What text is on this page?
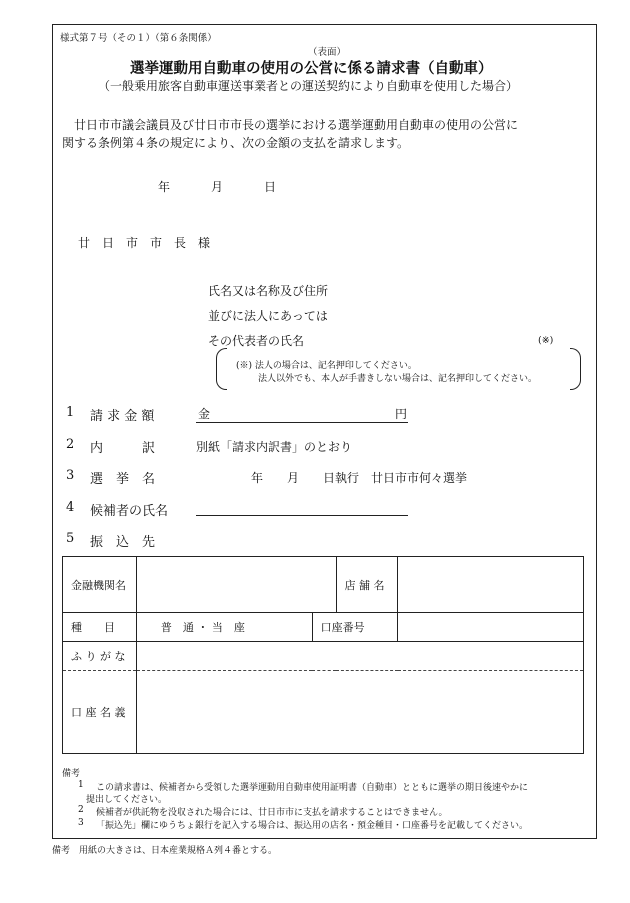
様式第７号（その１）（第６条関係）
（表面）
選挙運動用自動車の使用の公営に係る請求書（自動車）
（一般乗用旅客自動車運送事業者との運送契約により自動車を使用した場合）
廿日市市議会議員及び廿日市市長の選挙における選挙運動用自動車の使用の公営に
関する条例第４条の規定により、次の金額の支払を請求します。
年	月	日
廿　日　市　市　長　様
氏名又は名称及び住所
並びに法人にあっては
その代表者の氏名	(※)
(※) 法人の場合は、記名押印してください。
法人以外でも、本人が手書きしない場合は、記名押印してください。
1 請 求 金 額	金	円
2 内　　　訳	別紙「請求内訳書」のとおり
3 選　挙　名	年　　月　　日執行　廿日市市何々選挙
4 候補者の氏名
5 振　込　先
金融機関名			店 舗 名	
種　　目	普　通 ・ 当　座	口座番号		
ふ り が な				
口 座 名 義				
備考
1 この請求書は、候補者から受領した選挙運動用自動車使用証明書（自動車）とともに選挙の期日後速やかに
提出してください。
2 候補者が供託物を没収された場合には、廿日市市に支払を請求することはできません。
3 「振込先」欄にゆうちょ銀行を記入する場合は、振込用の店名・預金種目・口座番号を記載してください。
備考　用紙の大きさは、日本産業規格Ａ列４番とする。
